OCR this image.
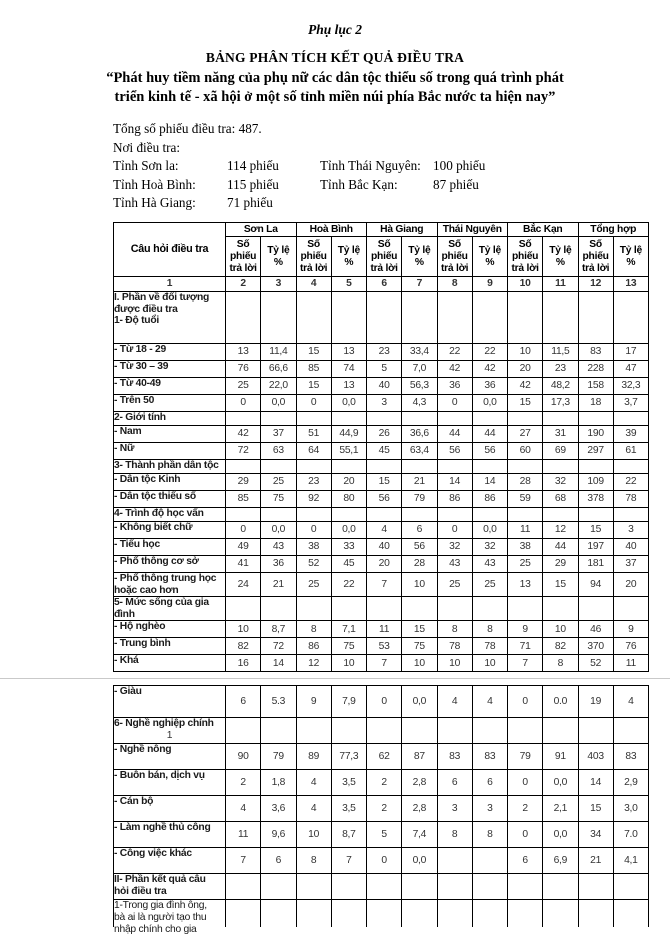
Phụ lục 2
BẢNG PHÂN TÍCH KẾT QUẢ ĐIỀU TRA
“Phát huy tiềm năng của phụ nữ các dân tộc thiểu số trong quá trình phát
triển kinh tế - xã hội ở một số tỉnh miền núi phía Bắc nước ta hiện nay”
Tổng số phiếu điều tra: 487.
Nơi điều tra:
Tỉnh Sơn la:	114 phiếu	Tỉnh Thái Nguyên: 100 phiếu
Tỉnh Hoà Bình: 115 phiếu	Tỉnh Bắc Kạn:	87 phiếu
Tỉnh Hà Giang: 71 phiếu
Câu hỏi điều tra	Sơn La		Hoà Bình		Hà Giang		Thái Nguyên		Bắc Kạn		Tổng hợp	
	Số phiếu trả lời	Tỷ lệ %	Số phiếu trả lời	Tỷ lệ %	Số phiếu trả lời	Tỷ lệ %	Số phiếu trả lời	Tỷ lệ %	Số phiếu trả lời	Tỷ lệ %	Số phiếu trả lời	Tỷ lệ %
1	2	3	4	5	6	7	8	9	10	11	12	13

I. Phần về đối tượng
được điều tra
1- Độ tuổi												

- Từ 18 - 29	13	11,4	15	13	23	33,4	22	22	10	11,5	83	17

- Từ 30 – 39	76	66,6	85	74	5	7,0	42	42	20	23	228	47

- Từ 40-49	25	22,0	15	13	40	56,3	36	36	42	48,2	158	32,3

- Trên 50	0	0,0	0	0,0	3	4,3	0	0,0	15	17,3	18	3,7

2- Giới tính												

- Nam	42	37	51	44,9	26	36,6	44	44	27	31	190	39

- Nữ	72	63	64	55,1	45	63,4	56	56	60	69	297	61

3- Thành phần dân tộc												

- Dân tộc Kinh	29	25	23	20	15	21	14	14	28	32	109	22

- Dân tộc thiểu số	85	75	92	80	56	79	86	86	59	68	378	78

4- Trình độ học vấn												

- Không biết chữ	0	0,0	0	0,0	4	6	0	0,0	11	12	15	3

- Tiểu học	49	43	38	33	40	56	32	32	38	44	197	40

- Phổ thông cơ sở	41	36	52	45	20	28	43	43	25	29	181	37

- Phổ thông trung học
hoặc cao hơn	24	21	25	22	7	10	25	25	13	15	94	20

5- Mức sống của gia
đình												

- Hộ nghèo	10	8,7	8	7,1	11	15	8	8	9	10	46	9

- Trung bình	82	72	86	75	53	75	78	78	71	82	370	76

- Khá	16	14	12	10	7	10	10	10	7	8	52	11
- Giàu	6	5.3	9	7,9	0	0,0	4	4	0	0.0	19	4

6- Nghề nghiệp chính
1												

- Nghề nông	90	79	89	77,3	62	87	83	83	79	91	403	83

- Buôn bán, dịch vụ	2	1,8	4	3,5	2	2,8	6	6	0	0,0	14	2,9

- Cán bộ	4	3,6	4	3,5	2	2,8	3	3	2	2,1	15	3,0

- Làm nghề thủ công	11	9,6	10	8,7	5	7,4	8	8	0	0,0	34	7.0

- Công việc khác	7	6	8	7	0	0,0			6	6,9	21	4,1

II- Phần kết quả câu
hỏi điều tra												

1-Trong gia đình ông,
bà ai là người tạo thu
nhập chính cho gia												
